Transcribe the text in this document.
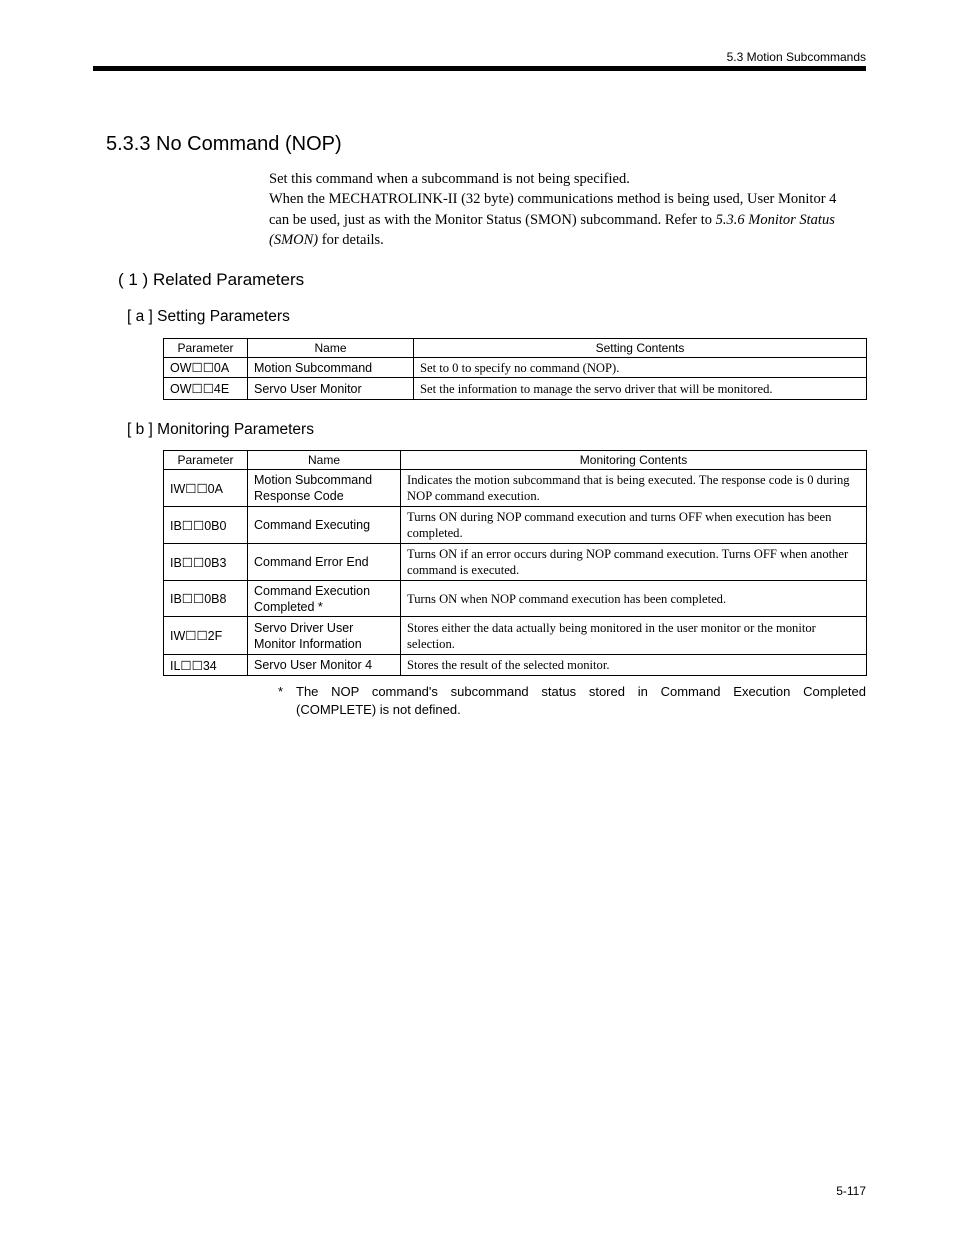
5.3 Motion Subcommands
5.3.3 No Command (NOP)

Set this command when a subcommand is not being specified.

When the MECHATROLINK-II (32 byte) communications method is being used, User Monitor 4 can be used, just as with the Monitor Status (SMON) subcommand. Refer to 5.3.6 Monitor Status (SMON) for details.

( 1 ) Related Parameters
[ a ] Setting Parameters
Parameter	Name	Setting Contents
OW☐☐0A	Motion Subcommand	Set to 0 to specify no command (NOP).
OW☐☐4E	Servo User Monitor	Set the information to manage the servo driver that will be monitored.
[ b ] Monitoring Parameters
Parameter	Name	Monitoring Contents
IW☐☐0A	Motion Subcommand Response Code	Indicates the motion subcommand that is being executed. The response code is 0 during NOP command execution.
IB☐☐0B0	Command Executing	Turns ON during NOP command execution and turns OFF when execution has been completed.
IB☐☐0B3	Command Error End	Turns ON if an error occurs during NOP command execution. Turns OFF when another command is executed.
IB☐☐0B8	Command Execution Completed *	Turns ON when NOP command execution has been completed.
IW☐☐2F	Servo Driver User Monitor Information	Stores either the data actually being monitored in the user monitor or the monitor selection.
IL☐☐34	Servo User Monitor 4	Stores the result of the selected monitor.
* The NOP command's subcommand status stored in Command Execution Completed (COMPLETE) is not defined.
5-117
